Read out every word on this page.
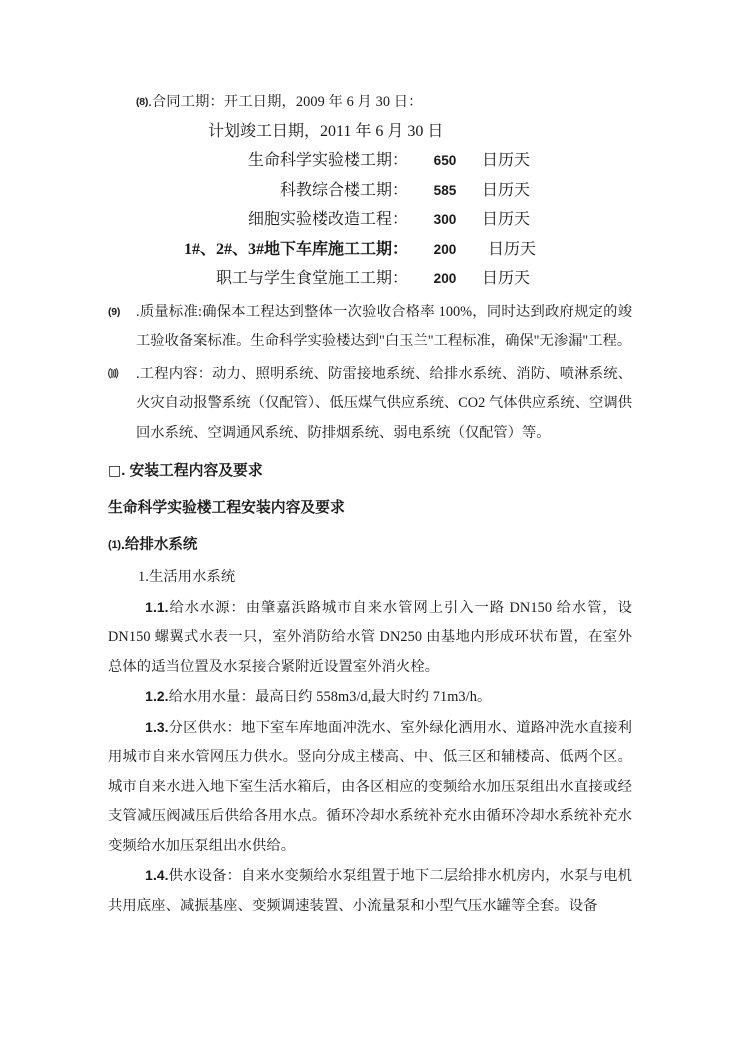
(8).合同工期：开工日期，2009 年 6 月 30 日：
计划竣工日期，2011 年 6 月 30 日
生命科学实验楼工期： 650 日历天
科教综合楼工期： 585 日历天
细胞实验楼改造工程： 300 日历天
1#、2#、3#地下车库施工工期： 200 日历天
职工与学生食堂施工工期： 200 日历天
(9)	.质量标准:确保本工程达到整体一次验收合格率 100%，同时达到政府规定的竣工验收备案标准。生命科学实验楼达到"白玉兰"工程标准，确保"无渗漏"工程。
⑽	.工程内容：动力、照明系统、防雷接地系统、给排水系统、消防、喷淋系统、火灾自动报警系统（仅配管）、低压煤气供应系统、CO2 气体供应系统、空调供回水系统、空调通风系统、防排烟系统、弱电系统（仅配管）等。
□. 安装工程内容及要求
生命科学实验楼工程安装内容及要求
(1).给排水系统
1.生活用水系统
1.1.给水水源：由肇嘉浜路城市自来水管网上引入一路 DN150 给水管，设 DN150 螺翼式水表一只，室外消防给水管 DN250 由基地内形成环状布置，在室外总体的适当位置及水泵接合紧附近设置室外消火栓。
1.2.给水用水量：最高日约 558m3/d,最大时约 71m3/h。
1.3.分区供水：地下室车库地面冲洗水、室外绿化洒用水、道路冲洗水直接利用城市自来水管网压力供水。竖向分成主楼高、中、低三区和辅楼高、低两个区。城市自来水进入地下室生活水箱后，由各区相应的变频给水加压泵组出水直接或经支管减压阀减压后供给各用水点。循环冷却水系统补充水由循环冷却水系统补充水变频给水加压泵组出水供给。
1.4.供水设备：自来水变频给水泵组置于地下二层给排水机房内，水泵与电机共用底座、减振基座、变频调速装置、小流量泵和小型气压水罐等全套。设备
